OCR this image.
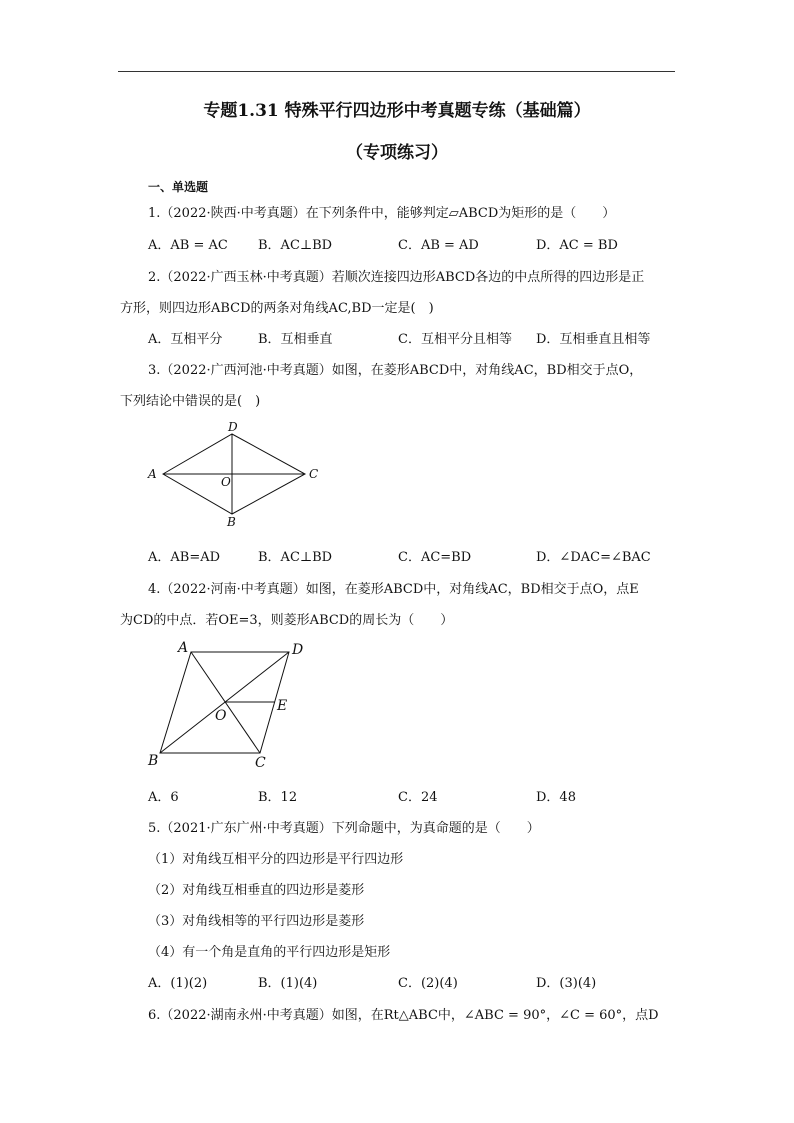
专题1.31 特殊平行四边形中考真题专练（基础篇）
（专项练习）
一、单选题
1.（2022·陕西·中考真题）在下列条件中，能够判定▱ABCD为矩形的是（　　）
A．AB = AC B．AC⊥BD	C．AB = AD	D．AC = BD
2.（2022·广西玉林·中考真题）若顺次连接四边形ABCD各边的中点所得的四边形是正
方形，则四边形ABCD的两条对角线AC,BD一定是(　)
A．互相平分	B．互相垂直	C．互相平分且相等 D．互相垂直且相等
3.（2022·广西河池·中考真题）如图，在菱形ABCD中，对角线AC，BD相交于点O，
下列结论中错误的是(　)
A
D
C
B
O
A．AB=AD	B．AC⊥BD	C．AC=BD	D．∠DAC=∠BAC
4.（2022·河南·中考真题）如图，在菱形ABCD中，对角线AC，BD相交于点O，点E
为CD的中点．若OE=3，则菱形ABCD的周长为（　　）
A	D
E
O
B	C
A．6	B．12	C．24	D．48
5.（2021·广东广州·中考真题）下列命题中，为真命题的是（　　）
（1）对角线互相平分的四边形是平行四边形
（2）对角线互相垂直的四边形是菱形
（3）对角线相等的平行四边形是菱形
（4）有一个角是直角的平行四边形是矩形
A．(1)(2)	B．(1)(4)	C．(2)(4)	D．(3)(4)
6.（2022·湖南永州·中考真题）如图，在Rt△ABC中，∠ABC = 90°，∠C = 60°，点D
